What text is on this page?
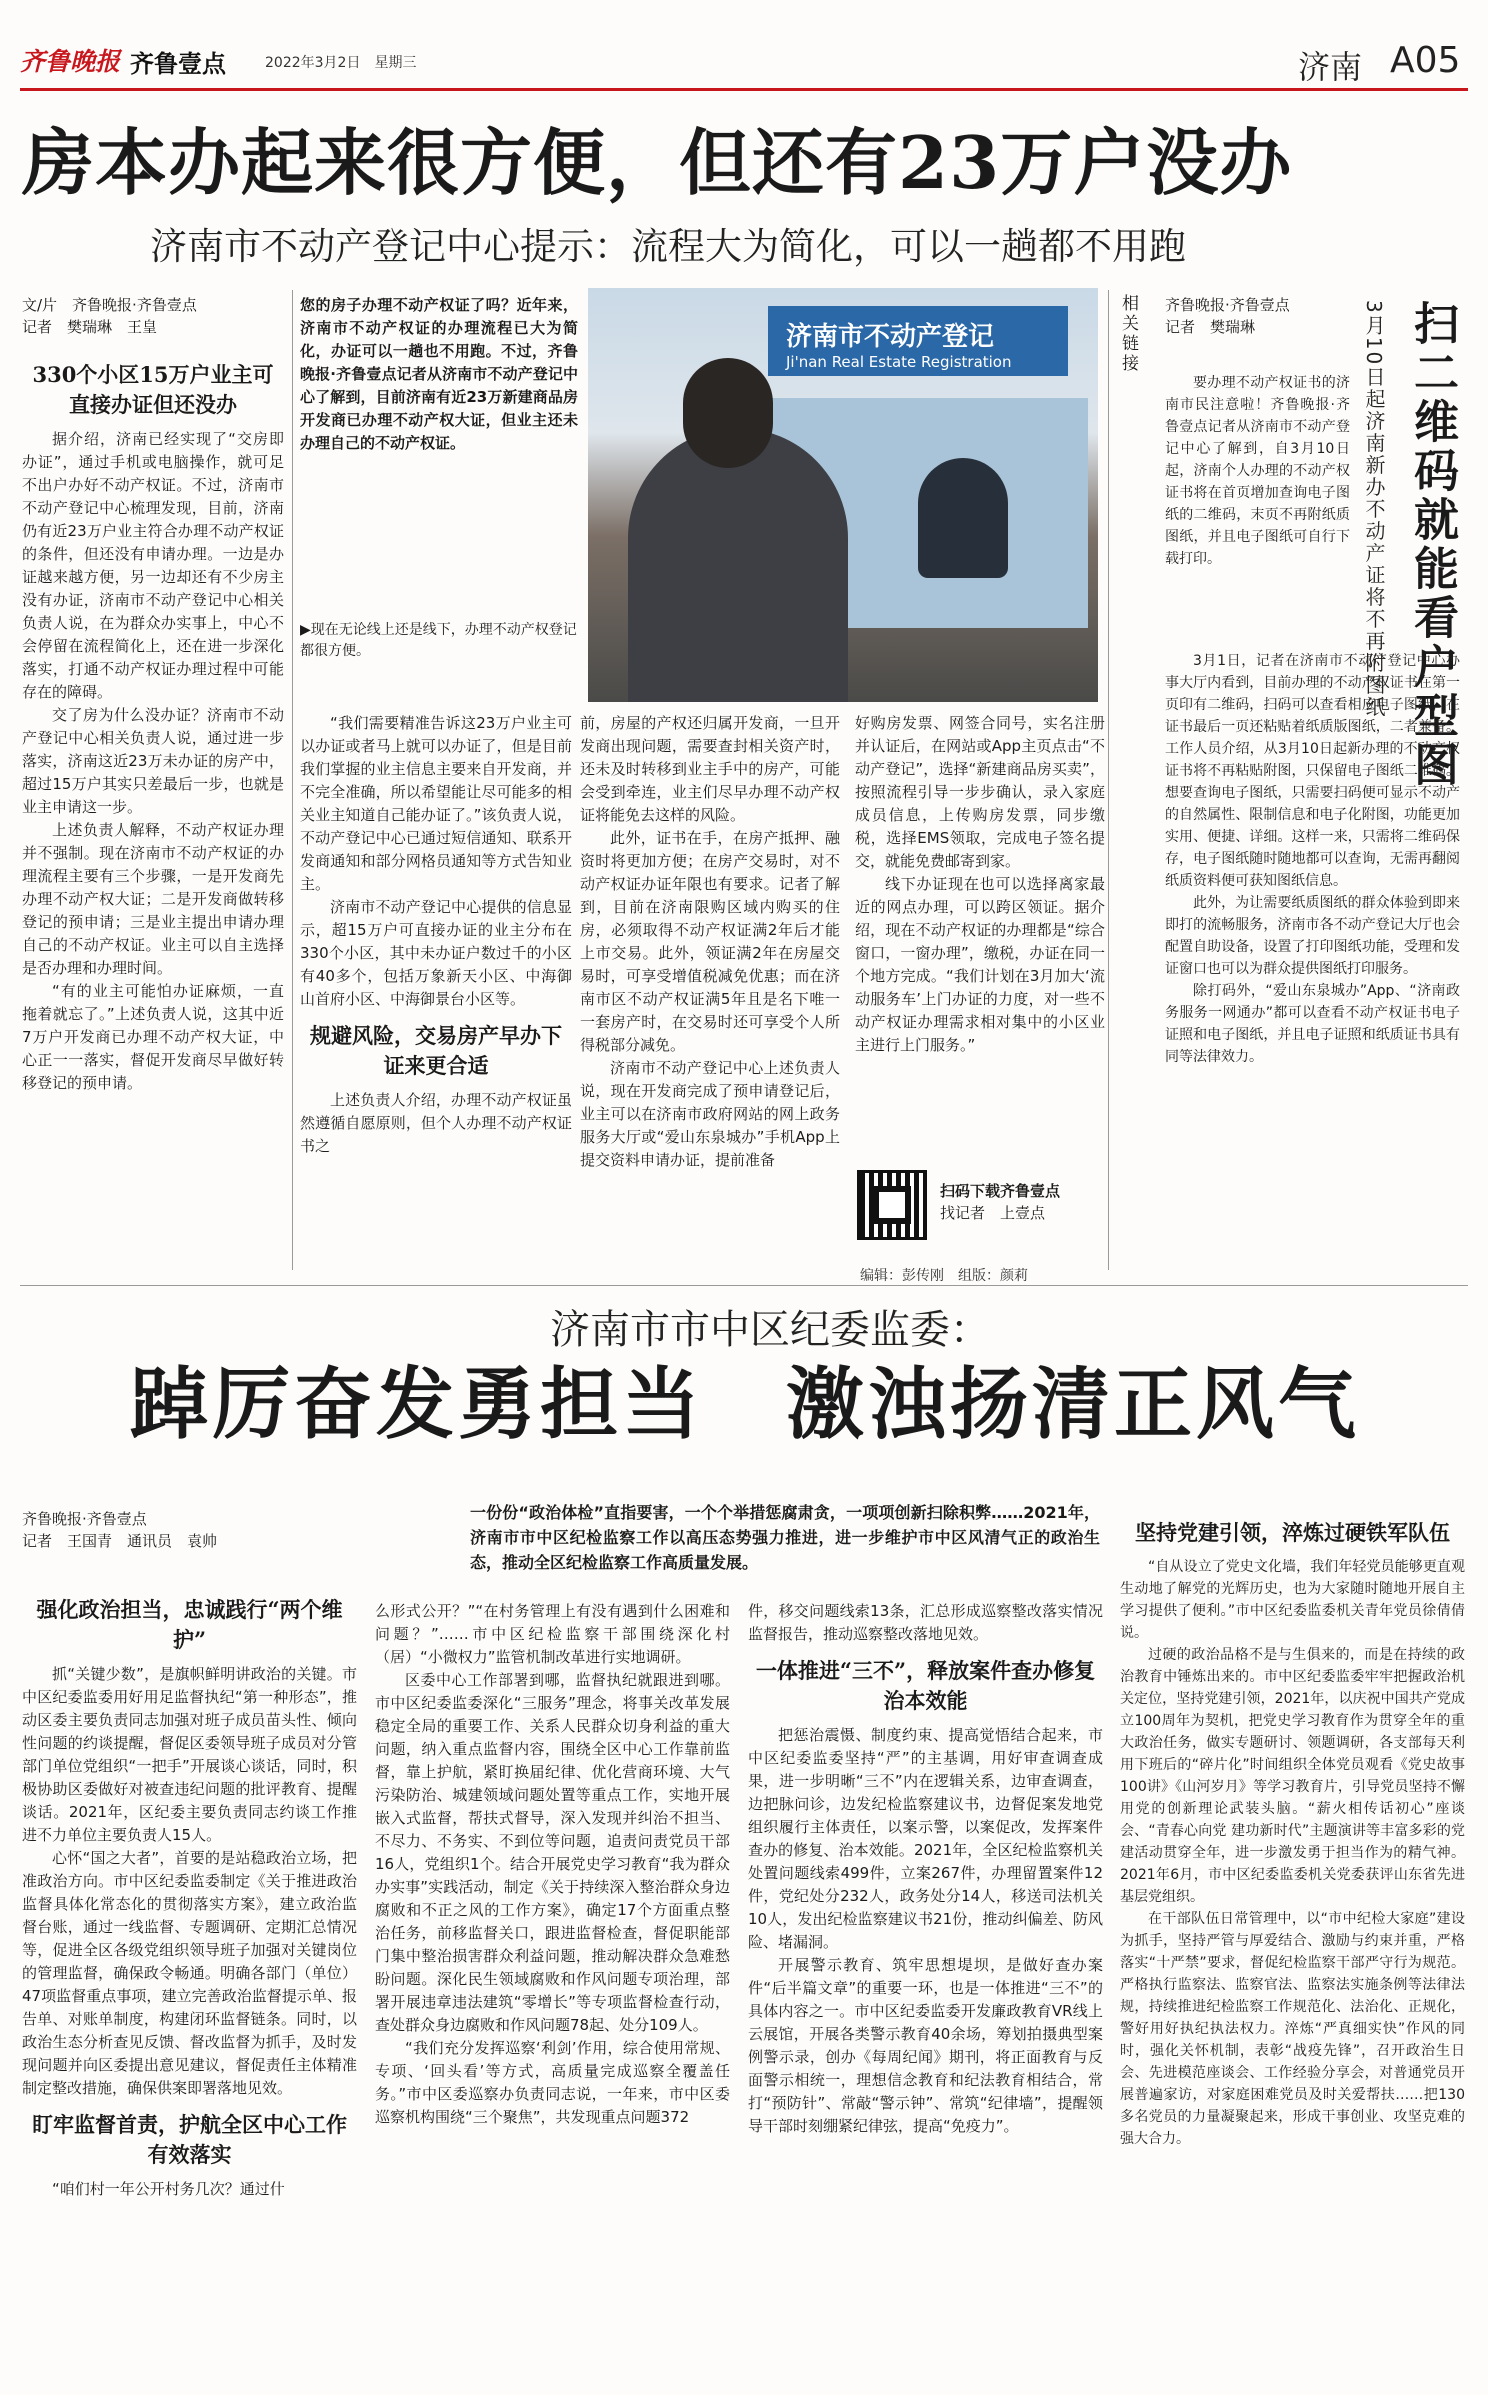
齐鲁晚报 齐鲁壹点	2022年3月2日　 星期三	济南 A05
房本办起来很方便，但还有23万户没办
济南市不动产登记中心提示：流程大为简化，可以一趟都不用跑
文/片　齐鲁晚报·齐鲁壹点
记者　樊瑞琳　王皇
330个小区15万户业主可直接办证但还没办

据介绍，济南已经实现了“交房即办证”，通过手机或电脑操作，就可足不出户办好不动产权证。不过，济南市不动产登记中心梳理发现，目前，济南仍有近23万户业主符合办理不动产权证的条件，但还没有申请办理。一边是办证越来越方便，另一边却还有不少房主没有办证，济南市不动产登记中心相关负责人说，在为群众办实事上，中心不会停留在流程简化上，还在进一步深化落实，打通不动产权证办理过程中可能存在的障碍。

交了房为什么没办证？济南市不动产登记中心相关负责人说，通过进一步落实，济南这近23万未办证的房产中，超过15万户其实只差最后一步，也就是业主申请这一步。

上述负责人解释，不动产权证办理并不强制。现在济南市不动产权证的办理流程主要有三个步骤，一是开发商先办理不动产权大证；二是开发商做转移登记的预申请；三是业主提出申请办理自己的不动产权证。业主可以自主选择是否办理和办理时间。

“有的业主可能怕办证麻烦，一直拖着就忘了。”上述负责人说，这其中近7万户开发商已办理不动产权大证，中心正一一落实，督促开发商尽早做好转移登记的预申请。

您的房子办理不动产权证了吗？近年来，济南市不动产权证的办理流程已大为简化，办证可以一趟也不用跑。不过，齐鲁晚报·齐鲁壹点记者从济南市不动产登记中心了解到，目前济南有近23万新建商品房开发商已办理不动产权大证，但业主还未办理自己的不动产权证。
济南市不动产登记
Ji'nan Real Estate Registration
▶现在无论线上还是线下，办理不动产权登记都很方便。

“我们需要精准告诉这23万户业主可以办证或者马上就可以办证了，但是目前我们掌握的业主信息主要来自开发商，并不完全准确，所以希望能让尽可能多的相关业主知道自己能办证了。”该负责人说，不动产登记中心已通过短信通知、联系开发商通知和部分网格员通知等方式告知业主。

济南市不动产登记中心提供的信息显示，超15万户可直接办证的业主分布在330个小区，其中未办证户数过千的小区有40多个，包括万象新天小区、中海御山首府小区、中海御景台小区等。

规避风险，交易房产早办下证来更合适

上述负责人介绍，办理不动产权证虽然遵循自愿原则，但个人办理不动产权证书之

前，房屋的产权还归属开发商，一旦开发商出现问题，需要查封相关资产时，还未及时转移到业主手中的房产，可能会受到牵连，业主们尽早办理不动产权证将能免去这样的风险。

此外，证书在手，在房产抵押、融资时将更加方便；在房产交易时，对不动产权证办证年限也有要求。记者了解到，目前在济南限购区域内购买的住房，必须取得不动产权证满2年后才能上市交易。此外，领证满2年在房屋交易时，可享受增值税减免优惠；而在济南市区不动产权证满5年且是名下唯一一套房产时，在交易时还可享受个人所得税部分减免。

济南市不动产登记中心上述负责人说，现在开发商完成了预申请登记后，业主可以在济南市政府网站的网上政务服务大厅或“爱山东泉城办”手机App上提交资料申请办证，提前准备

好购房发票、网签合同号，实名注册并认证后，在网站或App主页点击“不动产登记”，选择“新建商品房买卖”，按照流程引导一步步确认，录入家庭成员信息，上传购房发票，同步缴税，选择EMS领取，完成电子签名提交，就能免费邮寄到家。

线下办证现在也可以选择离家最近的网点办理，可以跨区领证。据介绍，现在不动产权证的办理都是“综合窗口，一窗办理”，缴税，办证在同一个地方完成。“我们计划在3月加大‘流动服务车’上门办证的力度，对一些不动产权证办理需求相对集中的小区业主进行上门服务。”

扫码下载齐鲁壹点
找记者　上壹点
编辑：彭传刚　组版：颜莉
相关链接 齐鲁晚报·齐鲁壹点
记者　樊瑞琳	扫二维码就能看户型图
3月10日起济南新办不动产证将不再附图纸

要办理不动产权证书的济南市民注意啦！齐鲁晚报·齐鲁壹点记者从济南市不动产登记中心了解到，自3月10日起，济南个人办理的不动产权证书将在首页增加查询电子图纸的二维码，末页不再附纸质图纸，并且电子图纸可自行下载打印。

3月1日，记者在济南市不动产登记中心办事大厅内看到，目前办理的不动产权证书在第一页印有二维码，扫码可以查看相应电子图纸，在证书最后一页还粘贴着纸质版图纸，二者兼备。工作人员介绍，从3月10日起新办理的不动产权证书将不再粘贴附图，只保留电子图纸二维码。想要查询电子图纸，只需要扫码便可显示不动产的自然属性、限制信息和电子化附图，功能更加实用、便捷、详细。这样一来，只需将二维码保存，电子图纸随时随地都可以查询，无需再翻阅纸质资料便可获知图纸信息。

此外，为让需要纸质图纸的群众体验到即来即打的流畅服务，济南市各不动产登记大厅也会配置自助设备，设置了打印图纸功能，受理和发证窗口也可以为群众提供图纸打印服务。

除打码外，“爱山东泉城办”App、“济南政务服务一网通办”都可以查看不动产权证书电子证照和电子图纸，并且电子证照和纸质证书具有同等法律效力。

济南市市中区纪委监委：
踔厉奋发勇担当　激浊扬清正风气
齐鲁晚报·齐鲁壹点
记者　王国青　通讯员　袁帅
一份份“政治体检”直指要害，一个个举措惩腐肃贪，一项项创新扫除积弊……2021年，济南市市中区纪检监察工作以高压态势强力推进，进一步维护市中区风清气正的政治生态，推动全区纪检监察工作高质量发展。
强化政治担当，忠诚践行“两个维护”

抓“关键少数”，是旗帜鲜明讲政治的关键。市中区纪委监委用好用足监督执纪“第一种形态”，推动区委主要负责同志加强对班子成员苗头性、倾向性问题的约谈提醒，督促区委领导班子成员对分管部门单位党组织“一把手”开展谈心谈话，同时，积极协助区委做好对被查违纪问题的批评教育、提醒谈话。2021年，区纪委主要负责同志约谈工作推进不力单位主要负责人15人。

心怀“国之大者”，首要的是站稳政治立场，把准政治方向。市中区纪委监委制定《关于推进政治监督具体化常态化的贯彻落实方案》，建立政治监督台账，通过一线监督、专题调研、定期汇总情况等，促进全区各级党组织领导班子加强对关键岗位的管理监督，确保政令畅通。明确各部门（单位）47项监督重点事项，建立完善政治监督提示单、报告单、对账单制度，构建闭环监督链条。同时，以政治生态分析查见反馈、督改监督为抓手，及时发现问题并向区委提出意见建议，督促责任主体精准制定整改措施，确保供案即署落地见效。

盯牢监督首责，护航全区中心工作有效落实

“咱们村一年公开村务几次？通过什

么形式公开？”“在村务管理上有没有遇到什么困难和问题？”……市中区纪检监察干部围绕深化村（居）“小微权力”监管机制改革进行实地调研。

区委中心工作部署到哪，监督执纪就跟进到哪。市中区纪委监委深化“三服务”理念，将事关改革发展稳定全局的重要工作、关系人民群众切身利益的重大问题，纳入重点监督内容，围绕全区中心工作靠前监督，靠上护航，紧盯换届纪律、优化营商环境、大气污染防治、城建领域问题处置等重点工作，实地开展嵌入式监督，帮扶式督导，深入发现并纠治不担当、不尽力、不务实、不到位等问题，追责问责党员干部16人，党组织1个。结合开展党史学习教育“我为群众办实事”实践活动，制定《关于持续深入整治群众身边腐败和不正之风的工作方案》，确定17个方面重点整治任务，前移监督关口，跟进监督检查，督促职能部门集中整治损害群众利益问题，推动解决群众急难愁盼问题。深化民生领域腐败和作风问题专项治理，部署开展违章违法建筑“零增长”等专项监督检查行动，查处群众身边腐败和作风问题78起、处分109人。

“我们充分发挥巡察‘利剑’作用，综合使用常规、专项、‘回头看’等方式，高质量完成巡察全覆盖任务。”市中区委巡察办负责同志说，一年来，市中区委巡察机构围绕“三个聚焦”，共发现重点问题372

件，移交问题线索13条，汇总形成巡察整改落实情况监督报告，推动巡察整改落地见效。

一体推进“三不”，释放案件查办修复治本效能

把惩治震慑、制度约束、提高觉悟结合起来，市中区纪委监委坚持“严”的主基调，用好审查调查成果，进一步明晰“三不”内在逻辑关系，边审查调查，边把脉问诊，边发纪检监察建议书，边督促案发地党组织履行主体责任，以案示警，以案促改，发挥案件查办的修复、治本效能。2021年，全区纪检监察机关处置问题线索499件，立案267件，办理留置案件12件，党纪处分232人，政务处分14人，移送司法机关10人，发出纪检监察建议书21份，推动纠偏差、防风险、堵漏洞。

开展警示教育、筑牢思想堤坝，是做好查办案件“后半篇文章”的重要一环，也是一体推进“三不”的具体内容之一。市中区纪委监委开发廉政教育VR线上云展馆，开展各类警示教育40余场，筹划拍摄典型案例警示录，创办《每周纪闻》期刊，将正面教育与反面警示相统一，理想信念教育和纪法教育相结合，常打“预防针”、常敲“警示钟”、常筑“纪律墙”，提醒领导干部时刻绷紧纪律弦，提高“免疫力”。

坚持党建引领，淬炼过硬铁军队伍

“自从设立了党史文化墙，我们年轻党员能够更直观生动地了解党的光辉历史，也为大家随时随地开展自主学习提供了便利。”市中区纪委监委机关青年党员徐倩倩说。

过硬的政治品格不是与生俱来的，而是在持续的政治教育中锤炼出来的。市中区纪委监委牢牢把握政治机关定位，坚持党建引领，2021年，以庆祝中国共产党成立100周年为契机，把党史学习教育作为贯穿全年的重大政治任务，做实专题研讨、领题调研，各支部每天利用下班后的“碎片化”时间组织全体党员观看《党史故事100讲》《山河岁月》等学习教育片，引导党员坚持不懈用党的创新理论武装头脑。“薪火相传话初心”座谈会、“青春心向党 建功新时代”主题演讲等丰富多彩的党建活动贯穿全年，进一步激发勇于担当作为的精气神。2021年6月，市中区纪委监委机关党委获评山东省先进基层党组织。

在干部队伍日常管理中，以“市中纪检大家庭”建设为抓手，坚持严管与厚爱结合、激励与约束并重，严格落实“十严禁”要求，督促纪检监察干部严守行为规范。严格执行监察法、监察官法、监察法实施条例等法律法规，持续推进纪检监察工作规范化、法治化、正规化，警好用好执纪执法权力。淬炼“严真细实快”作风的同时，强化关怀机制，表彰“战疫先锋”，召开政治生日会、先进模范座谈会、工作经验分享会，对普通党员开展普遍家访，对家庭困难党员及时关爱帮扶……把130多名党员的力量凝聚起来，形成干事创业、攻坚克难的强大合力。
